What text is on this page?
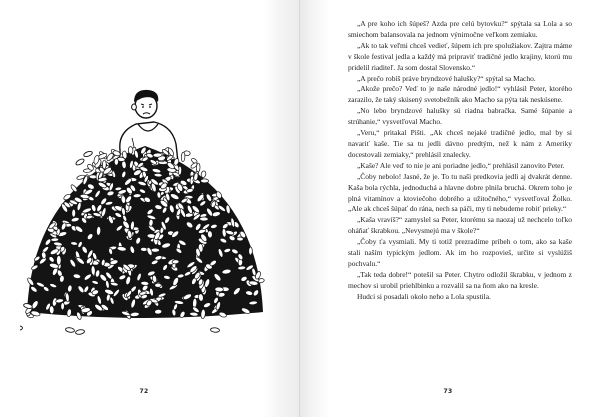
72

„A pre koho ich šúpeš? Azda pre celú bytovku?“ spýtala sa Lola a so smiechom balansovala na jednom výnimočne veľkom zemiaku.

„Ak to tak veľmi chceš vedieť, šúpem ich pre spolužiakov. Zajtra máme v škole festival jedla a každý má pripraviť tradičné jedlo krajiny, ktorú mu pridelil riaditeľ. Ja som dostal Slovensko.“

„A prečo robíš práve bryndzové halušky?“ spýtal sa Macho.

„Akože prečo? Veď to je naše národné jedlo!“ vyhlásil Peter, ktorého zarazilo, že taký skúsený svetobežník ako Macho sa pýta tak neskúsene.

„No lebo bryndzové halušky sú riadna babračka. Samé šúpanie a strúhanie,“ vysvetľoval Macho.

„Veru,“ pritakal Pišti. „Ak chceš nejaké tradičné jedlo, mal by si navariť kaše. Tie sa tu jedli dávno predtým, než k nám z Ameriky docestovali zemiaky,“ prehlásil znalecky.

„Kaše? Ale veď to nie je ani poriadne jedlo,“ prehlásil zanovito Peter.

„Čoby nebolo! Jasné, že je. To tu naši predkovia jedli aj dvakrát denne. Kaša bola rýchla, jednoduchá a hlavne dobre plnila bruchá. Okrem toho je plná vitamínov a ktoviečoho dobrého a užitočného,“ vysvetľoval Žolko. „Ale ak chceš šúpať do rána, nech sa páči, my ti nebudeme robiť prieky.“

„Kaša vravíš?“ zamyslel sa Peter, ktorému sa naozaj už nechcelo toľko oháňať škrabkou. „Nevysmejú ma v škole?“

„Čoby ťa vysmiali. My ti totiž prezradíme príbeh o tom, ako sa kaše stali naším typickým jedlom. Ak im ho rozpovieš, určite si vyslúžiš pochvalu.“

„Tak teda dobre!“ potešil sa Peter. Chytro odložil škrabku, v jednom z mechov si urobil priehlbinku a rozvalil sa na ňom ako na kresle.

Hudci si posadali okolo neho a Lola spustila.

73
